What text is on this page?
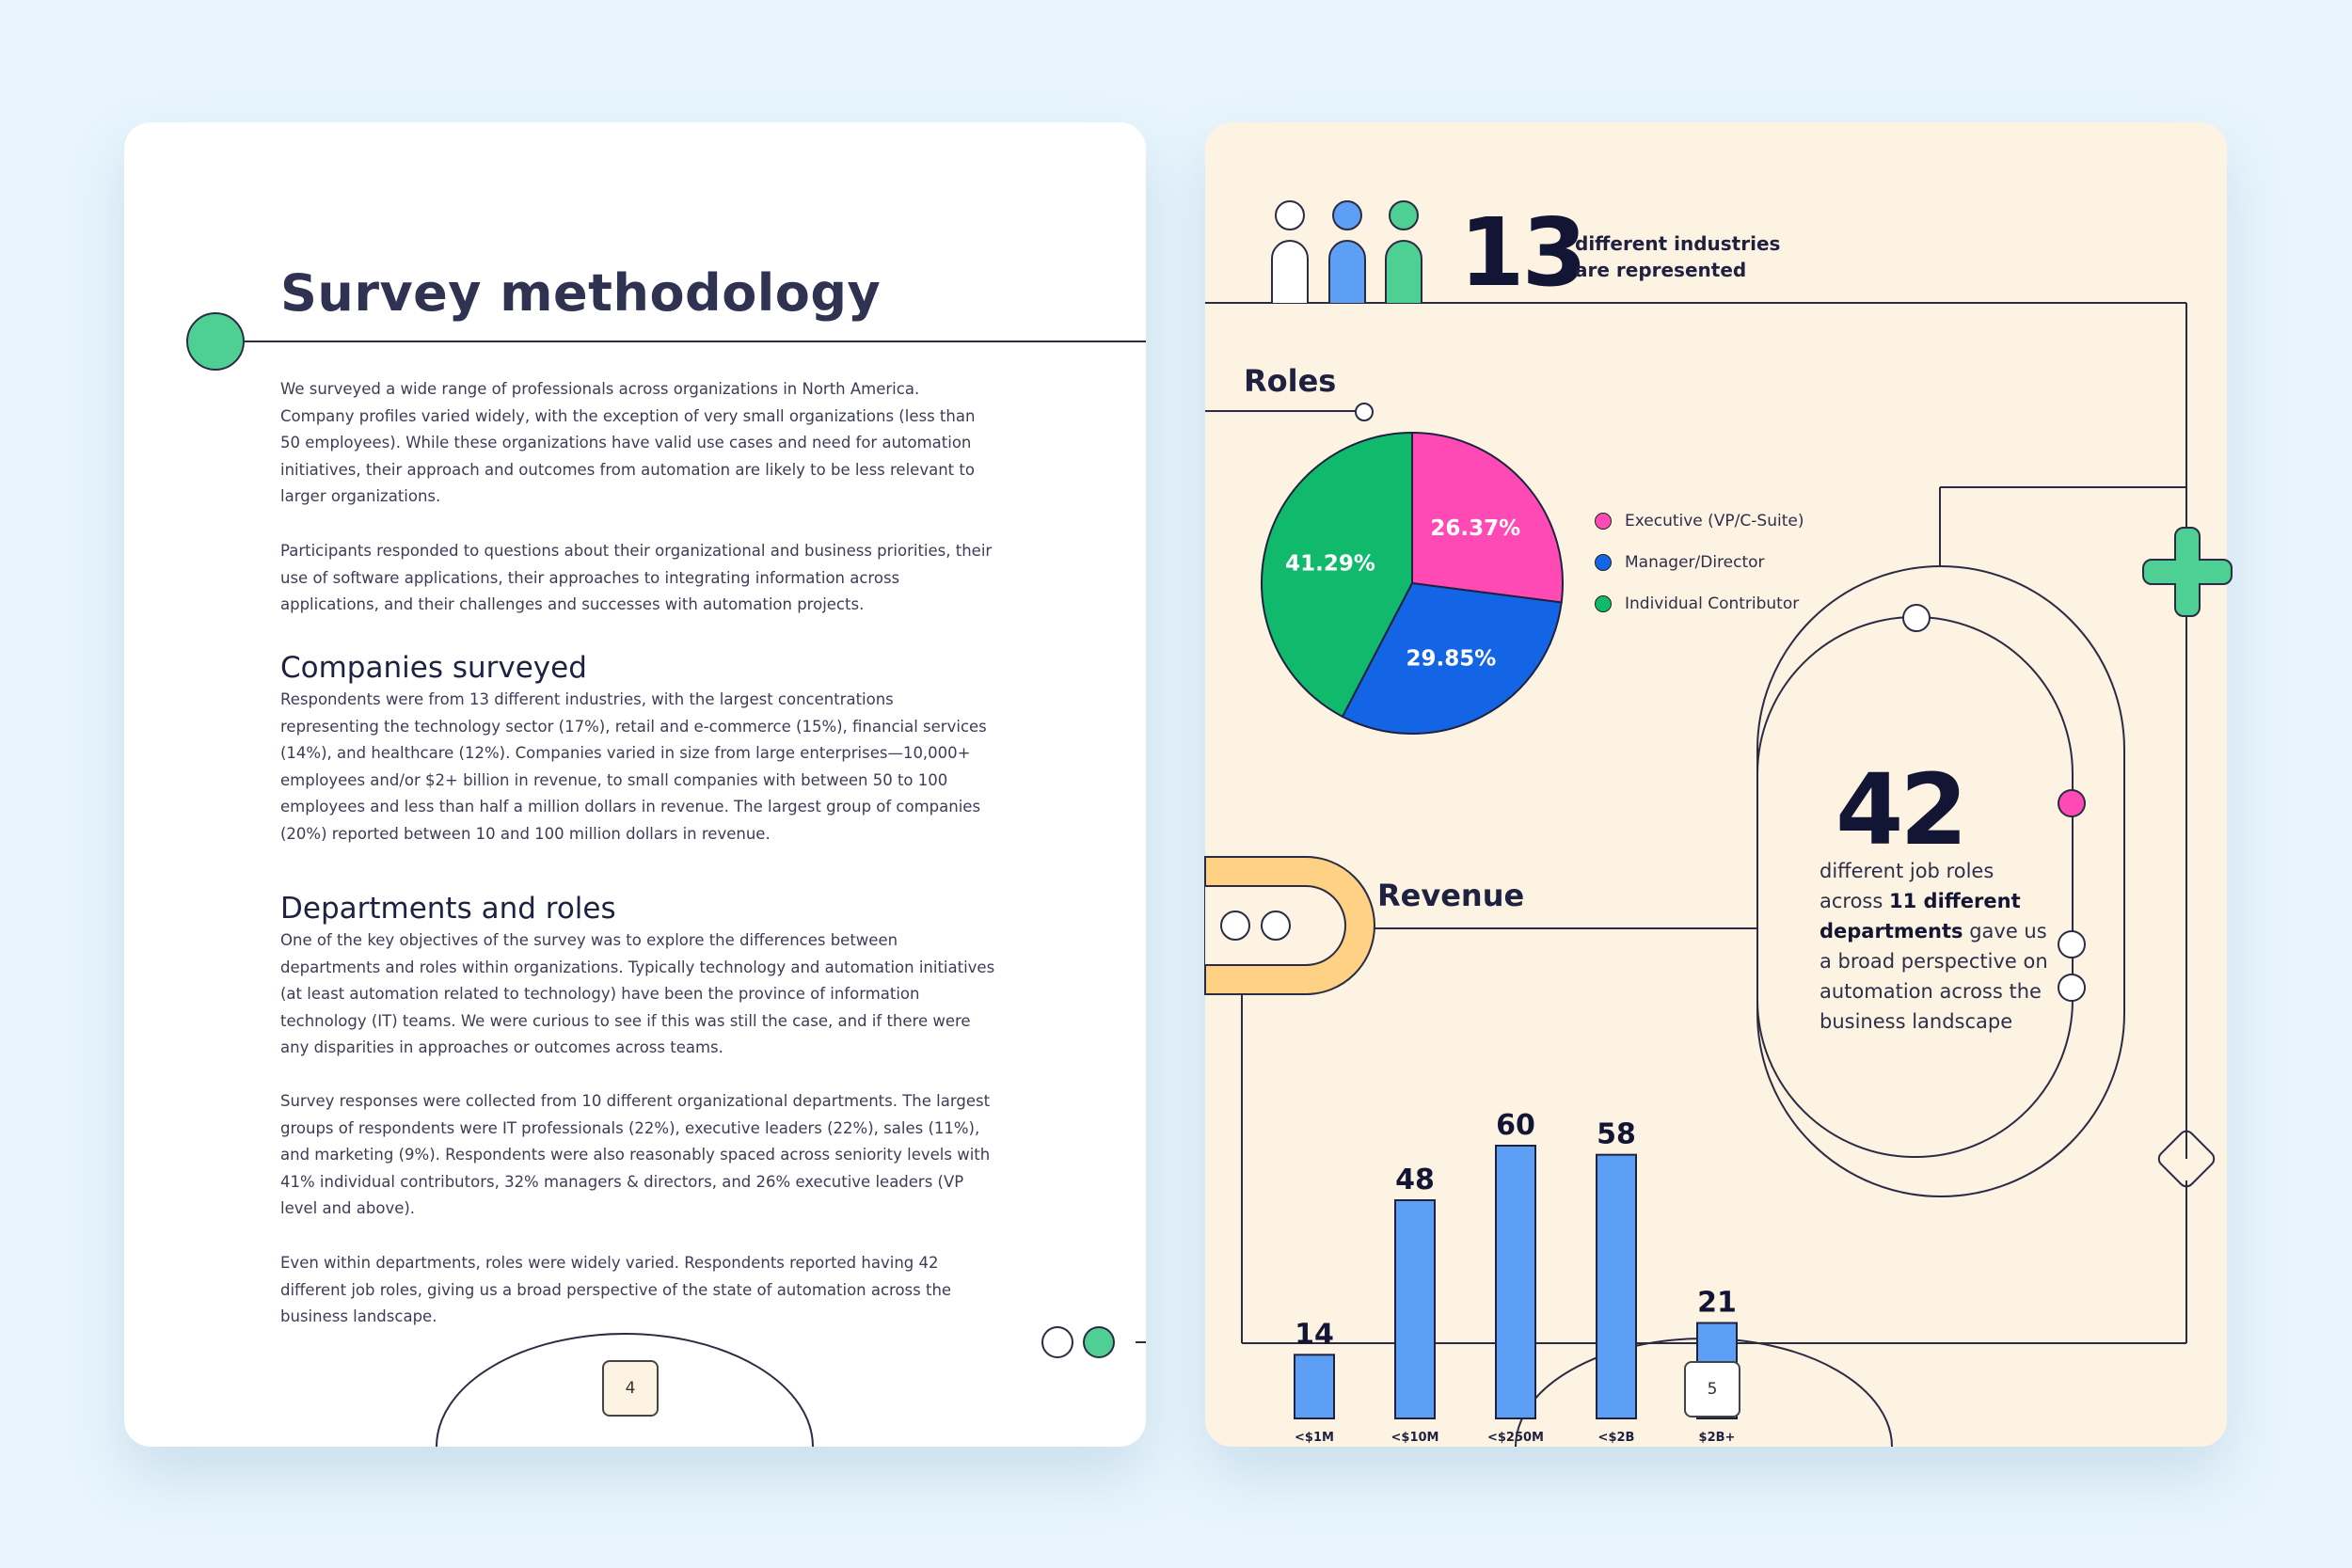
Survey methodology

We surveyed a wide range of professionals across organizations in North America. Company profiles varied widely, with the exception of very small organizations (less than 50 employees). While these organizations have valid use cases and need for automation initiatives, their approach and outcomes from automation are likely to be less relevant to larger organizations.

Participants responded to questions about their organizational and business priorities, their use of software applications, their approaches to integrating information across applications, and their challenges and successes with automation projects.

Companies surveyed

Respondents were from 13 different industries, with the largest concentrations representing the technology sector (17%), retail and e-commerce (15%), financial services (14%), and healthcare (12%). Companies varied in size from large enterprises—10,000+ employees and/or $2+ billion in revenue, to small companies with between 50 to 100 employees and less than half a million dollars in revenue. The largest group of companies (20%) reported between 10 and 100 million dollars in revenue.

Departments and roles

One of the key objectives of the survey was to explore the differences between departments and roles within organizations. Typically technology and automation initiatives (at least automation related to technology) have been the province of information technology (IT) teams. We were curious to see if this was still the case, and if there were any disparities in approaches or outcomes across teams.

Survey responses were collected from 10 different organizational departments. The largest groups of respondents were IT professionals (22%), executive leaders (22%), sales (11%), and marketing (9%). Respondents were also reasonably spaced across seniority levels with 41% individual contributors, 32% managers & directors, and 26% executive leaders (VP level and above).

Even within departments, roles were widely varied. Respondents reported having 42 different job roles, giving us a broad perspective of the state of automation across the business landscape.

4
13
different industries are represented
Roles
26.37%
29.85%
41.29%
Executive (VP/C-Suite)
Manager/Director
Individual Contributor
Revenue
14
<$1M
48
<$10M
60
<$250M
58
<$2B
21
$2B+
42
different job roles across 11 different departments gave us a broad perspective on automation across the business landscape
5
